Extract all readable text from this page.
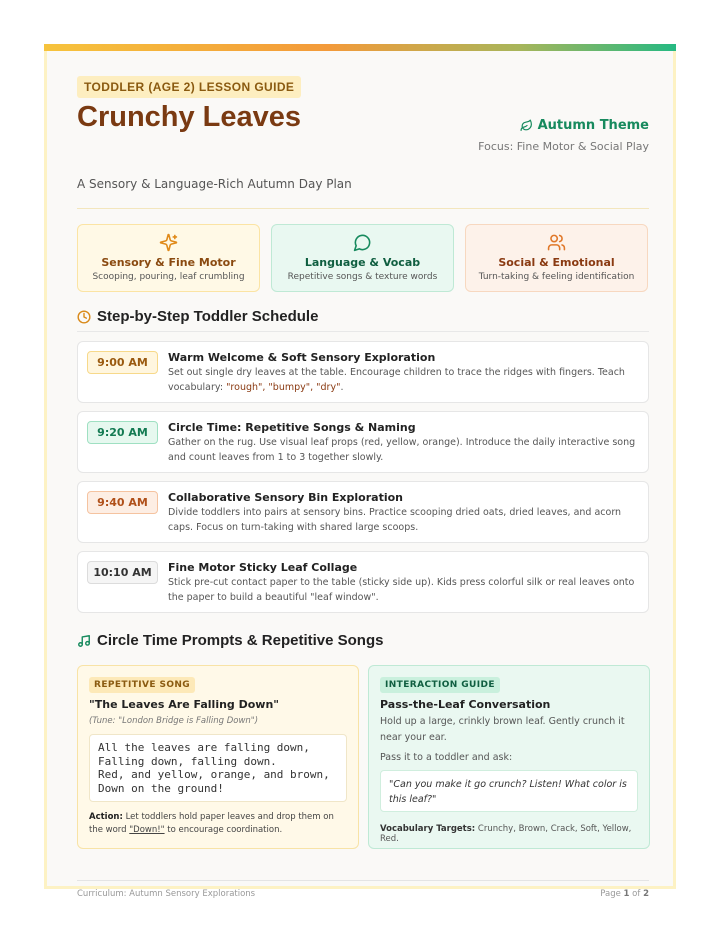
TODDLER (AGE 2) LESSON GUIDE
Crunchy Leaves
A Sensory & Language-Rich Autumn Day Plan
Autumn Theme
Focus: Fine Motor & Social Play
Sensory & Fine Motor
Scooping, pouring, leaf crumbling
Language & Vocab
Repetitive songs & texture words
Social & Emotional
Turn-taking & feeling identification
Step-by-Step Toddler Schedule
9:00 AM	Warm Welcome & Soft Sensory Exploration
Set out single dry leaves at the table. Encourage children to trace the ridges with fingers. Teach vocabulary: "rough", "bumpy", "dry".
9:20 AM	Circle Time: Repetitive Songs & Naming
Gather on the rug. Use visual leaf props (red, yellow, orange). Introduce the daily interactive song and count leaves from 1 to 3 together slowly.
9:40 AM	Collaborative Sensory Bin Exploration
Divide toddlers into pairs at sensory bins. Practice scooping dried oats, dried leaves, and acorn caps. Focus on turn-taking with shared large scoops.
10:10 AM	Fine Motor Sticky Leaf Collage
Stick pre-cut contact paper to the table (sticky side up). Kids press colorful silk or real leaves onto the paper to build a beautiful "leaf window".
Circle Time Prompts & Repetitive Songs
REPETITIVE SONG
"The Leaves Are Falling Down"
(Tune: "London Bridge is Falling Down")
All the leaves are falling down,
Falling down, falling down.
Red, and yellow, orange, and brown,
Down on the ground!
Action: Let toddlers hold paper leaves and drop them on the word "Down!" to encourage coordination.
INTERACTION GUIDE
Pass-the-Leaf Conversation
Hold up a large, crinkly brown leaf. Gently crunch it near your ear.
Pass it to a toddler and ask:
"Can you make it go crunch? Listen! What color is this leaf?"
Vocabulary Targets: Crunchy, Brown, Crack, Soft, Yellow, Red.
Curriculum: Autumn Sensory Explorations	Page 1 of 2
